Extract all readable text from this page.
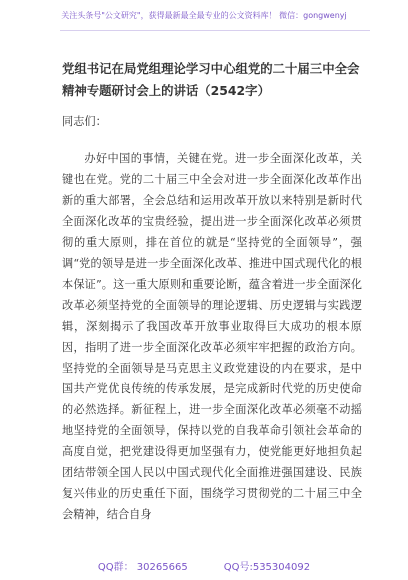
关注头条号"公文研究"，获得最新最全最专业的公文资料库！ 微信：gongwenyj
党组书记在局党组理论学习中心组党的二十届三中全会精神专题研讨会上的讲话（2542字）
同志们：

办好中国的事情，关键在党。进一步全面深化改革，关键也在党。党的二十届三中全会对进一步全面深化改革作出新的重大部署，全会总结和运用改革开放以来特别是新时代全面深化改革的宝贵经验，提出进一步全面深化改革必须贯彻的重大原则，排在首位的就是“坚持党的全面领导”，强调“党的领导是进一步全面深化改革、推进中国式现代化的根本保证”。这一重大原则和重要论断，蕴含着进一步全面深化改革必须坚持党的全面领导的理论逻辑、历史逻辑与实践逻辑，深刻揭示了我国改革开放事业取得巨大成功的根本原因，指明了进一步全面深化改革必须牢牢把握的政治方向。坚持党的全面领导是马克思主义政党建设的内在要求，是中国共产党优良传统的传承发展，是完成新时代党的历史使命的必然选择。新征程上，进一步全面深化改革必须毫不动摇地坚持党的全面领导，保持以党的自我革命引领社会革命的高度自觉，把党建设得更加坚强有力，使党能更好地担负起团结带领全国人民以中国式现代化全面推进强国建设、民族复兴伟业的历史重任下面，围绕学习贯彻党的二十届三中全会精神，结合自身

QQ群： 30265665	QQ号:535304092
